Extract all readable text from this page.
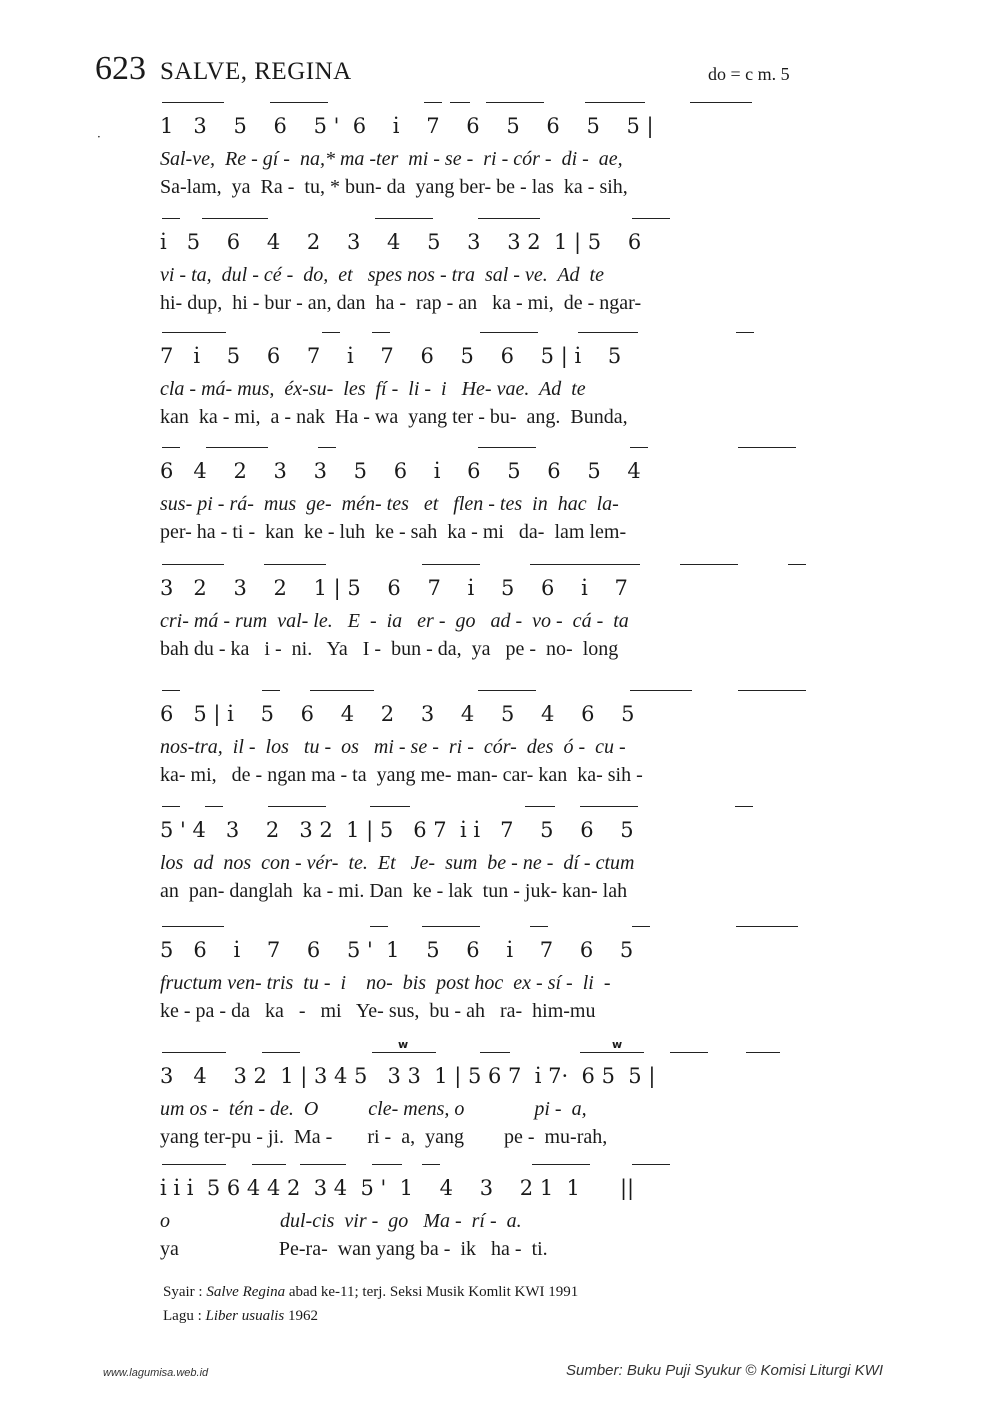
623 SALVE, REGINA	do = c m. 5
·	1   3    5    6    5 '  6    i̇    7    6    5    6    5    5 |
Sal-ve,  Re - gí -  na,* ma -ter  mi - se -  ri - cór -  di -  ae,
Sa-lam,  ya  Ra -  tu, * bun- da  yang ber- be - las  ka - sih,
i̇   5    6    4    2    3    4    5    3    3 2  1 | 5    6
vi - ta,  dul - cé -  do,  et   spes nos - tra  sal - ve.  Ad  te
hi- dup,  hi - bur - an, dan  ha -  rap - an   ka - mi,  de - ngar-
7   i̇    5    6    7    i̇    7    6    5    6    5 | i̇    5
cla - má- mus,  éx-su-  les  fí -  li -  i   He- vae.  Ad  te
kan  ka - mi,  a - nak  Ha - wa  yang ter - bu-  ang.  Bunda,
6   4    2    3    3    5    6    i̇    6    5    6    5    4
sus- pi - rá-  mus  ge-  mén- tes   et   flen - tes  in  hac  la-
per- ha - ti -  kan  ke - luh  ke - sah  ka - mi   da-  lam lem-
3   2    3    2    1 | 5    6    7    i̇    5    6    i̇    7
cri- má - rum  val- le.   E  -  ia   er -  go   ad -  vo -  cá -  ta
bah du - ka   i -  ni.   Ya   I -  bun - da,  ya   pe -  no-  long
6   5 | i̇    5    6    4    2    3    4    5    4    6    5
nos-tra,  il -  los   tu -  os   mi - se -  ri -  cór-  des  ó -  cu -
ka- mi,   de - ngan ma - ta  yang me- man- car- kan  ka- sih -
5 ' 4   3    2   3 2  1 | 5   6 7  i̇ i̇   7    5    6    5
los  ad  nos  con - vér-  te.  Et   Je-  sum  be - ne -  dí - ctum
an  pan- danglah  ka - mi. Dan  ke - lak  tun - juk- kan- lah
5   6    i̇    7    6    5 '  1    5    6    i̇    7    6    5
fructum ven- tris  tu -  i    no-  bis  post hoc  ex - sí -  li  -
ke - pa - da   ka   -   mi   Ye- sus,  bu - ah   ra-  him-mu
w	w
3   4    3 2  1 | 3 4 5   3 3  1 | 5 6 7  i̇ 7·  6 5  5 |
um os -  tén - de.  O          cle- mens, o              pi -  a,
yang ter-pu - ji.  Ma -       ri -  a,  yang        pe -  mu-rah,
i̇ i̇ i̇  5 6 4 4 2  3 4  5 '  1    4    3    2 1  1      ||
o                      dul-cis  vir -  go   Ma -  rí -  a.
ya                    Pe-ra-  wan yang ba -  ik   ha -  ti.
Syair : Salve Regina abad ke-11; terj. Seksi Musik Komlit KWI 1991
Lagu : Liber usualis 1962
www.lagumisa.web.id	Sumber: Buku Puji Syukur © Komisi Liturgi KWI
